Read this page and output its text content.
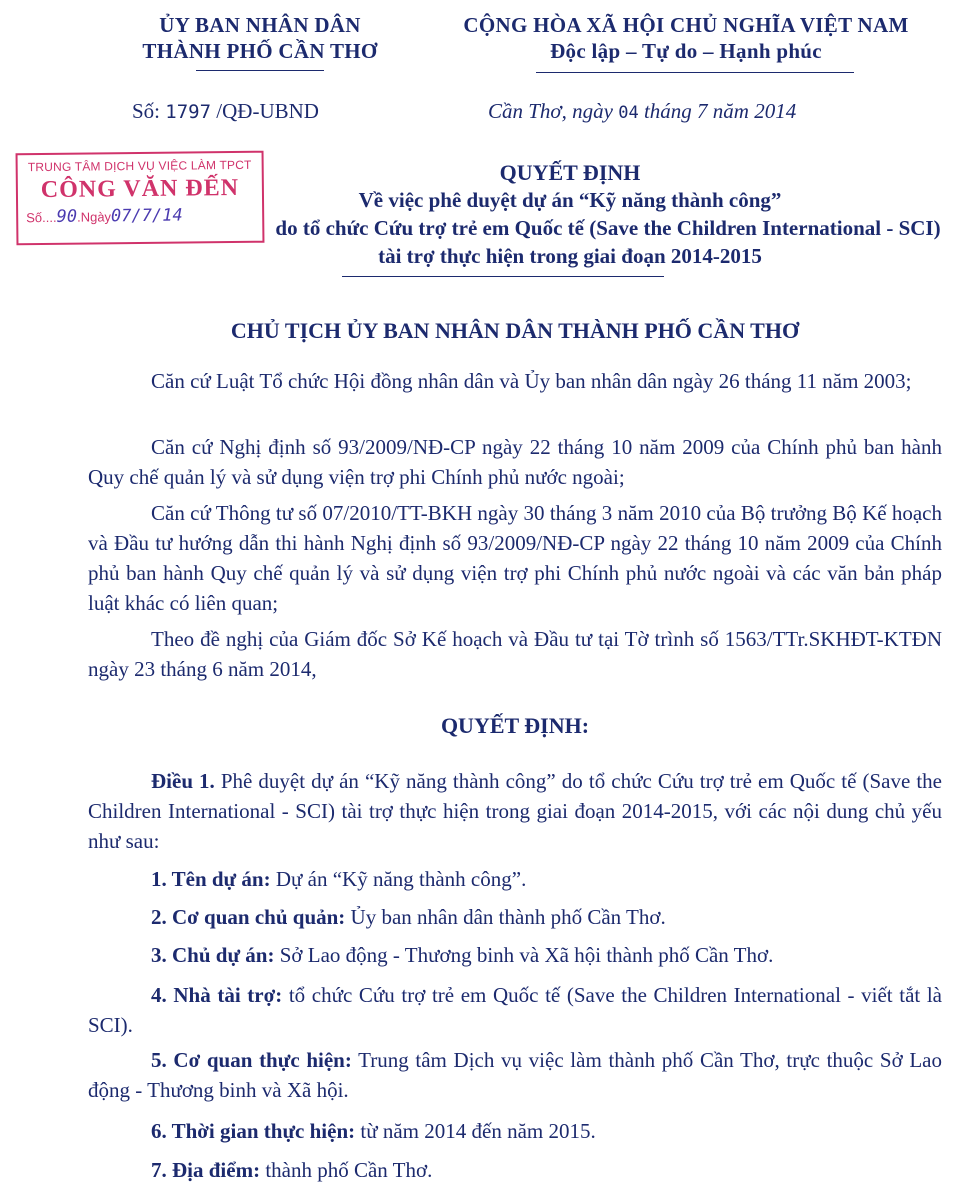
ỦY BAN NHÂN DÂN
THÀNH PHỐ CẦN THƠ
CỘNG HÒA XÃ HỘI CHỦ NGHĨA VIỆT NAM
Độc lập – Tự do – Hạnh phúc
Số: 1797 /QĐ-UBND	Cần Thơ, ngày 04 tháng 7 năm 2014
TRUNG TÂM DỊCH VỤ VIỆC LÀM TPCT
CÔNG VĂN ĐẾN
Số....90.Ngày07/7/14
QUYẾT ĐỊNH
Về việc phê duyệt dự án “Kỹ năng thành công”
do tổ chức Cứu trợ trẻ em Quốc tế (Save the Children International - SCI)
tài trợ thực hiện trong giai đoạn 2014-2015
CHỦ TỊCH ỦY BAN NHÂN DÂN THÀNH PHỐ CẦN THƠ
Căn cứ Luật Tổ chức Hội đồng nhân dân và Ủy ban nhân dân ngày 26 tháng 11 năm 2003;
Căn cứ Nghị định số 93/2009/NĐ-CP ngày 22 tháng 10 năm 2009 của Chính phủ ban hành Quy chế quản lý và sử dụng viện trợ phi Chính phủ nước ngoài;
Căn cứ Thông tư số 07/2010/TT-BKH ngày 30 tháng 3 năm 2010 của Bộ trưởng Bộ Kế hoạch và Đầu tư hướng dẫn thi hành Nghị định số 93/2009/NĐ-CP ngày 22 tháng 10 năm 2009 của Chính phủ ban hành Quy chế quản lý và sử dụng viện trợ phi Chính phủ nước ngoài và các văn bản pháp luật khác có liên quan;
Theo đề nghị của Giám đốc Sở Kế hoạch và Đầu tư tại Tờ trình số 1563/TTr.SKHĐT-KTĐN ngày 23 tháng 6 năm 2014,
QUYẾT ĐỊNH:
Điều 1. Phê duyệt dự án “Kỹ năng thành công” do tổ chức Cứu trợ trẻ em Quốc tế (Save the Children International - SCI) tài trợ thực hiện trong giai đoạn 2014-2015, với các nội dung chủ yếu như sau:
1. Tên dự án: Dự án “Kỹ năng thành công”.
2. Cơ quan chủ quản: Ủy ban nhân dân thành phố Cần Thơ.
3. Chủ dự án: Sở Lao động - Thương binh và Xã hội thành phố Cần Thơ.
4. Nhà tài trợ: tổ chức Cứu trợ trẻ em Quốc tế (Save the Children International - viết tắt là SCI).
5. Cơ quan thực hiện: Trung tâm Dịch vụ việc làm thành phố Cần Thơ, trực thuộc Sở Lao động - Thương binh và Xã hội.
6. Thời gian thực hiện: từ năm 2014 đến năm 2015.
7. Địa điểm: thành phố Cần Thơ.
